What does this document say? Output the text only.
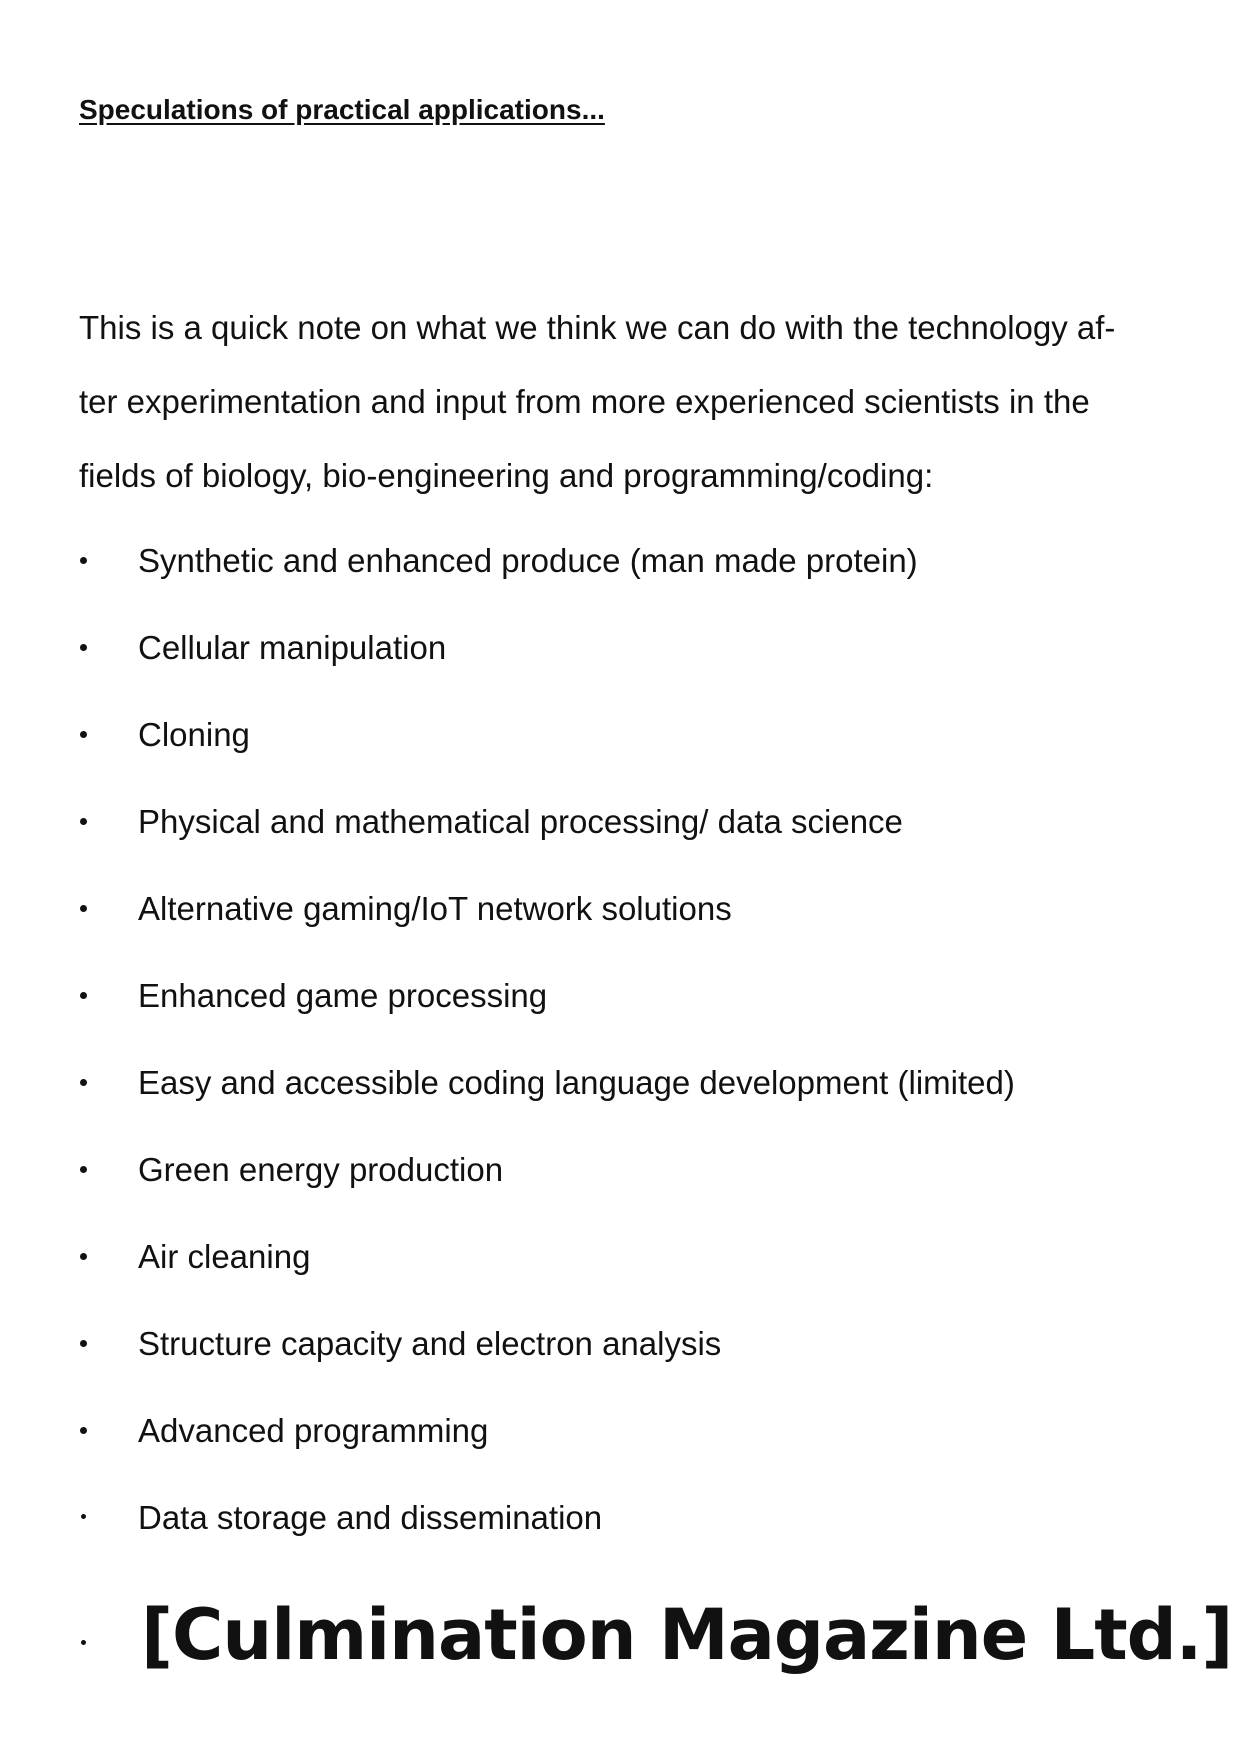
Speculations of practical applications...

This is a quick note on what we think we can do with the technology af-
ter experimentation and input from more experienced scientists in the
fields of biology, bio-engineering and programming/coding:

Synthetic and enhanced produce (man made protein)
Cellular manipulation
Cloning
Physical and mathematical processing/ data science
Alternative gaming/IoT network solutions
Enhanced game processing
Easy and accessible coding language development (limited)
Green energy production
Air cleaning
Structure capacity and electron analysis
Advanced programming
Data storage and dissemination
[Culmination Magazine Ltd.]
